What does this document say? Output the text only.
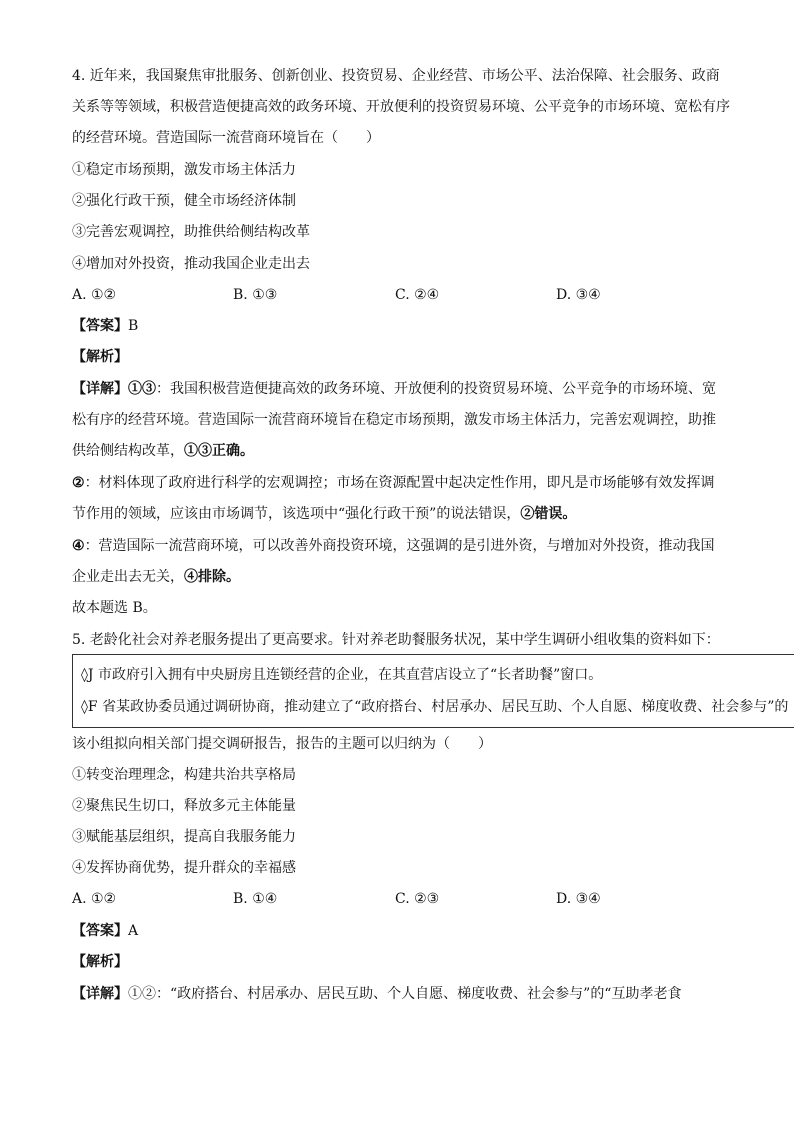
4. 近年来，我国聚焦审批服务、创新创业、投资贸易、企业经营、市场公平、法治保障、社会服务、政商
关系等等领域，积极营造便捷高效的政务环境、开放便利的投资贸易环境、公平竞争的市场环境、宽松有序
的经营环境。营造国际一流营商环境旨在（　　）
①稳定市场预期，激发市场主体活力
②强化行政干预，健全市场经济体制
③完善宏观调控，助推供给侧结构改革
④增加对外投资，推动我国企业走出去
A. ①②	B. ①③	C. ②④	D. ③④
【答案】B
【解析】
【详解】①③：我国积极营造便捷高效的政务环境、开放便利的投资贸易环境、公平竞争的市场环境、宽
松有序的经营环境。营造国际一流营商环境旨在稳定市场预期，激发市场主体活力，完善宏观调控，助推
供给侧结构改革，①③正确。
②：材料体现了政府进行科学的宏观调控；市场在资源配置中起决定性作用，即凡是市场能够有效发挥调
节作用的领域，应该由市场调节，该选项中“强化行政干预”的说法错误，②错误。
④：营造国际一流营商环境，可以改善外商投资环境，这强调的是引进外资，与增加对外投资，推动我国
企业走出去无关，④排除。
故本题选 B。
5. 老龄化社会对养老服务提出了更高要求。针对养老助餐服务状况，某中学生调研小组收集的资料如下：
◊J 市政府引入拥有中央厨房且连锁经营的企业，在其直营店设立了“长者助餐”窗口。
◊F 省某政协委员通过调研协商，推动建立了“政府搭台、村居承办、居民互助、个人自愿、梯度收费、社会参与”的
该小组拟向相关部门提交调研报告，报告的主题可以归纳为（　　）
①转变治理理念，构建共治共享格局
②聚焦民生切口，释放多元主体能量
③赋能基层组织，提高自我服务能力
④发挥协商优势，提升群众的幸福感
A. ①②	B. ①④	C. ②③	D. ③④
【答案】A
【解析】
【详解】①②：“政府搭台、村居承办、居民互助、个人自愿、梯度收费、社会参与”的“互助孝老食
